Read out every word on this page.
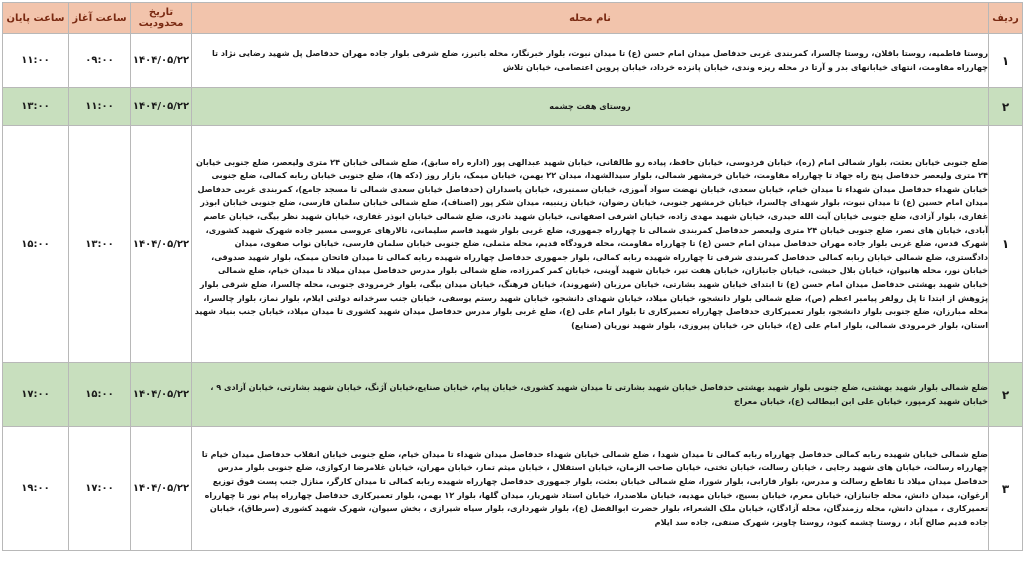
ردیف	نام محله	تاریخ محدودیت	ساعت آغاز	ساعت پایان
۱	روستا فاطمیه، روستا باقلان، روستا چالسرا، کمربندی غربی حدفاصل میدان امام حسن (ع) تا میدان نبوت، بلوار خبرنگار، محله باتبرز، ضلع شرقی بلوار جاده مهران حدفاصل پل شهید رضایی نژاد تا چهارراه مقاومت، انتهای خیابانهای بدر و آرتا در محله ریزه وندی، خیابان پانزده خرداد، خیابان پروین اعتصامی، خیابان تلاش	۱۴۰۴/۰۵/۲۲	۰۹:۰۰	۱۱:۰۰
۲	روستای هفت چشمه	۱۴۰۴/۰۵/۲۲	۱۱:۰۰	۱۳:۰۰
۱	ضلع جنوبی خیابان بعثت، بلوار شمالی امام (ره)، خیابان فردوسی، خیابان حافظ، پیاده رو طالقانی، خیابان شهید عبدالهی پور (اداره راه سابق)، ضلع شمالی خیابان ۲۴ متری ولیعصر، ضلع جنوبی خیابان ۲۴ متری ولیعصر حدفاصل پنج راه جهاد تا چهارراه مقاومت، خیابان خرمشهر شمالی، بلوار سیدالشهدا، میدان ۲۲ بهمن، خیابان میمک، بازار روز (دکه ها)، ضلع جنوبی خیابان ربابه کمالی، ضلع جنوبی خیابان شهداء حدفاصل میدان شهداء تا میدان خیام، خیابان سعدی، خیابان نهضت سواد آموزی، خیابان سمنبری، خیابان پاسداران (حدفاصل خیابان سعدی شمالی تا مسجد جامع)، کمربندی غربی حدفاصل میدان امام حسین (ع) تا میدان نبوت، بلوار شهدای چالسرا، خیابان خرمشهر جنوبی، خیابان رضوان، خیابان زینبیه، میدان شکر پور (اصناف)، ضلع شمالی خیابان سلمان فارسی، ضلع جنوبی خیابان ابوذر غفاری، بلوار آزادی، ضلع جنوبی خیابان آیت الله حیدری، خیابان شهید مهدی زاده، خیابان اشرفی اصفهانی، خیابان شهید نادری، ضلع شمالی خیابان ابوذر غفاری، خیابان شهید نظر بیگی، خیابان عاصم آبادی، خیابان های نصر، ضلع جنوبی خیابان ۲۴ متری ولیعصر حدفاصل کمربندی شمالی تا چهارراه جمهوری، ضلع غربی بلوار شهید قاسم سلیمانی، تالارهای عروسی مسیر جاده شهرک شهید کشوری، شهرک قدس، ضلع غربی بلوار جاده مهران حدفاصل میدان امام حسن (ع) تا چهارراه مقاومت، محله فرودگاه قدیم، محله مثملی، ضلع جنوبی خیابان سلمان فارسی، خیابان نواب صفوی، میدان دادگستری، ضلع شمالی خیابان ربابه کمالی حدفاصل کمربندی شرقی تا چهارراه شهیده ربابه کمالی، بلوار جمهوری حدفاصل چهارراه شهیده ربابه کمالی تا میدان فاتحان میمک، بلوار شهید صدوقی، خیابان نور، محله هانیوان، خیابان بلال حبشی، خیابان جانبازان، خیابان هفت تیر، خیابان شهید آوینی، خیابان کمر کمرزاده، ضلع شمالی بلوار مدرس حدفاصل میدان میلاد تا میدان خیام، ضلع شمالی خیابان شهید بهشتی حدفاصل میدان امام حسن (ع) تا ابتدای خیابان شهید بشارتی، خیابان مرزبان (شهروند)، خیابان فرهنگ، خیابان میدان بیگی، بلوار خرمرودی جنوبی، محله چالسرا، ضلع شرقی بلوار پژوهش از ابتدا تا پل رولفر پیامبر اعظم (ص)، ضلع شمالی بلوار دانشجو، خیابان میلاد، خیابان شهدای دانشجو، خیابان شهید رستم یوسفی، خیابان جنب سرخدانه دولتی ایلام، بلوار نماز، بلوار چالسرا، محله مبارزان، ضلع جنوبی بلوار دانشجو، بلوار تعمیرکاری حدفاصل چهارراه تعمیرکاری تا بلوار امام علی (ع)، ضلع غربی بلوار مدرس حدفاصل میدان شهید کشوری تا میدان میلاد، خیابان جنب بنیاد شهید استان، بلوار خرمرودی شمالی، بلوار امام علی (ع)، خیابان حر، خیابان پیروزی، بلوار شهید نوریان (صنایع)	۱۴۰۴/۰۵/۲۲	۱۳:۰۰	۱۵:۰۰
۲	ضلع شمالی بلوار شهید بهشتی، ضلع جنوبی بلوار شهید بهشتی حدفاصل خیابان شهید بشارتی تا میدان شهید کشوری، خیابان پیام، خیابان صنایع،خیابان آژنگ، خیابان شهید بشارتی، خیابان آزادی ۹ ، خیابان شهید کرمپور، خیابان علی ابن ابیطالب (ع)، خیابان معراج	۱۴۰۴/۰۵/۲۲	۱۵:۰۰	۱۷:۰۰
۳	ضلع شمالی خیابان شهیده ربابه کمالی حدفاصل چهارراه ربابه کمالی تا میدان شهدا ، ضلع شمالی خیابان شهداء حدفاصل میدان شهداء تا میدان خیام، ضلع جنوبی خیابان انقلاب حدفاصل میدان خیام تا چهارراه رسالت، خیابان های شهید رجایی ، خیابان رسالت، خیابان تختی، خیابان صاحب الزمان، خیابان استقلال ، خیابان میثم تمار، خیابان مهران، خیابان غلامرضا ارکوازی، ضلع جنوبی بلوار مدرس حدفاصل میدان میلاد تا تقاطع رسالت و مدرس، بلوار فارابی، بلوار شورا، ضلع شمالی خیابان بعثت، بلوار جمهوری حدفاصل چهارراه شهیده ربابه کمالی تا میدان کارگر، منازل جنب پست فوق توزیع ارغوان، میدان دانش، محله جانبازان، خیابان معرم، خیابان بسیج، خیابان مهدیه، خیابان ملاصدرا، خیابان استاد شهریار، میدان گلها، بلوار ۱۲ بهمن، بلوار تعمیرکاری حدفاصل چهارراه پیام نور تا چهارراه تعمیرکاری ، میدان دانش، محله رزمندگان، محله آزادگان، خیابان ملک الشعراء، بلوار حضرت ابوالفضل (ع)، بلوار شهرداری، بلوار سیاه شیرازی ، بخش سیوان، شهرک شهید کشوری (سرطاق)، خیابان جاده قدیم صالح آباد ، روستا چشمه کبود، روستا چاویز، شهرک صنفی، جاده سد ایلام	۱۴۰۴/۰۵/۲۲	۱۷:۰۰	۱۹:۰۰
